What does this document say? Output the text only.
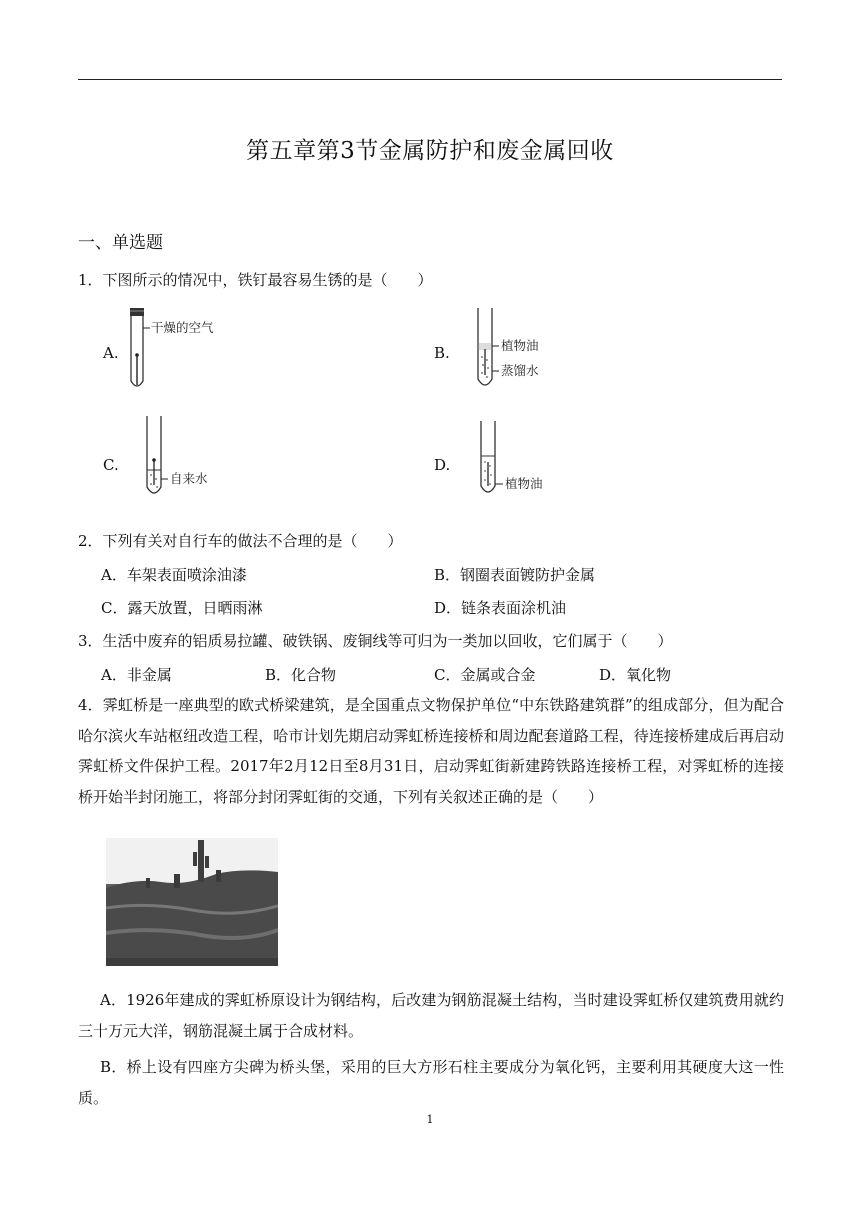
第五章第3节金属防护和废金属回收
一、单选题
1．下图所示的情况中，铁钉最容易生锈的是（　　）
A.
干燥的空气
B.	植物油
蒸馏水
C.
自来水
D.
植物油
2．下列有关对自行车的做法不合理的是（　　）
A．车架表面喷涂油漆	B．钢圈表面镀防护金属
C．露天放置，日晒雨淋	D．链条表面涂机油
3．生活中废弃的铝质易拉罐、破铁锅、废铜线等可归为一类加以回收，它们属于（　　）
A．非金属	B．化合物	C．金属或合金	D．氧化物
4．霁虹桥是一座典型的欧式桥梁建筑，是全国重点文物保护单位“中东铁路建筑群”的组成部分，但为配合哈尔滨火车站枢纽改造工程，哈市计划先期启动霁虹桥连接桥和周边配套道路工程，待连接桥建成后再启动霁虹桥文件保护工程。2017年2月12日至8月31日，启动霁虹街新建跨铁路连接桥工程，对霁虹桥的连接桥开始半封闭施工，将部分封闭霁虹街的交通，下列有关叙述正确的是（　　）
A．1926年建成的霁虹桥原设计为钢结构，后改建为钢筋混凝土结构，当时建设霁虹桥仅建筑费用就约三十万元大洋，钢筋混凝土属于合成材料。
B．桥上设有四座方尖碑为桥头堡，采用的巨大方形石柱主要成分为氧化钙，主要利用其硬度大这一性质。
1
